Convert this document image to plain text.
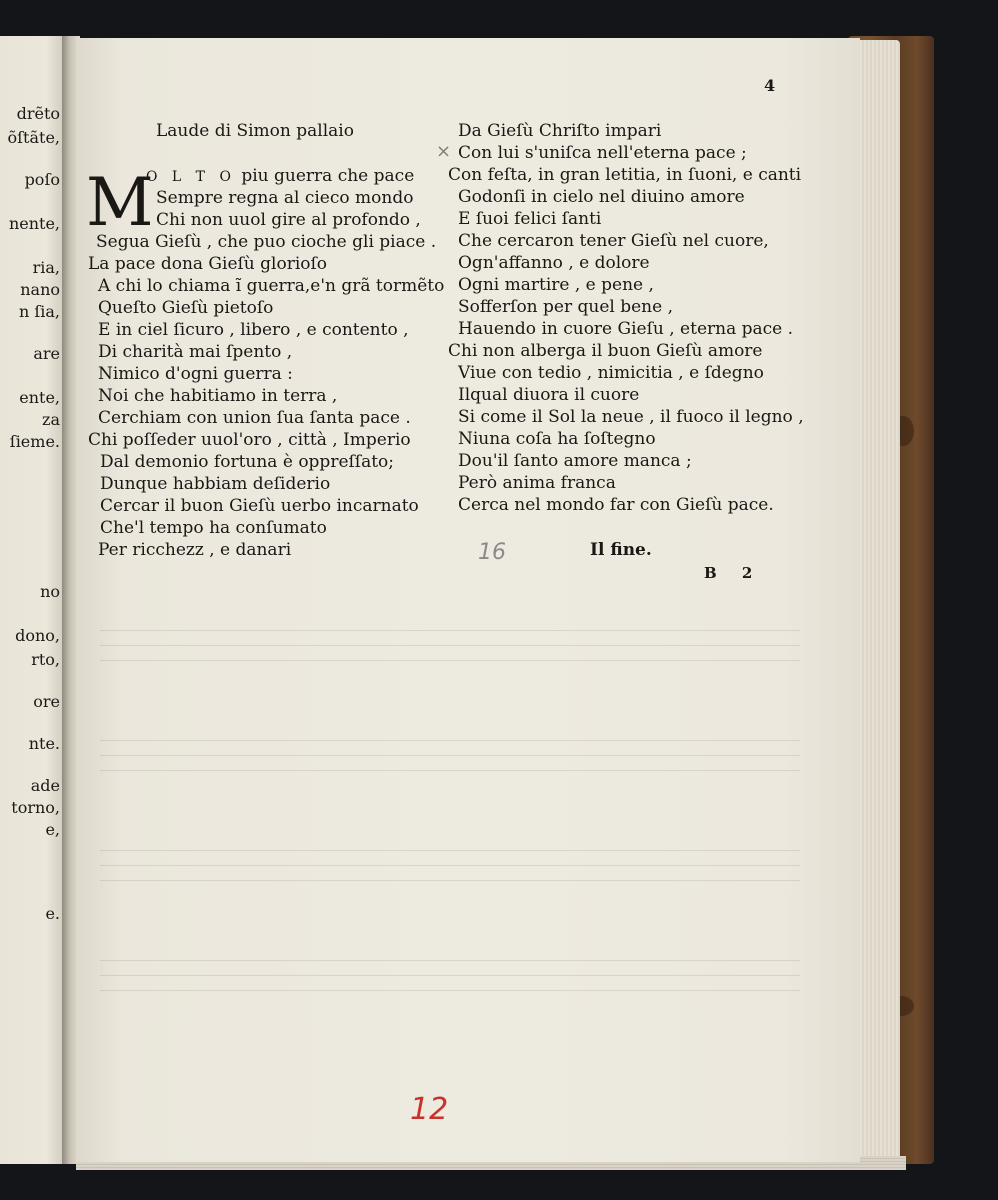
drẽto
õſtãte,
poſo
nente,
ria,
nano
n ſia,
are
ente,
za
ſieme.
no
dono,
rto,
ore
nte.
ade
torno,
e,
e.
4
Laude di Simon pallaio
M
O L T O piu guerra che pace
Sempre regna al cieco mondo
Chi non uuol gire al profondo ,
Segua Gieſù , che puo cioche gli piace .
La pace dona Gieſù glorioſo
A chi lo chiama ĩ guerra,e'n grã tormẽto
Queſto Gieſù pietoſo
E in ciel ſicuro , libero , e contento ,
Di charità mai ſpento ,
Nimico d'ogni guerra :
Noi che habitiamo in terra ,
Cerchiam con union ſua ſanta pace .
Chi poſſeder uuol'oro , città , Imperio
Dal demonio fortuna è oppreſſato;
Dunque habbiam deſiderio
Cercar il buon Gieſù uerbo incarnato
Che'l tempo ha conſumato
Per ricchezz , e danari
×
Da Gieſù Chriſto impari
Con lui s'uniſca nell'eterna pace ;
Con feſta, in gran letitia, in ſuoni, e canti
Godonſi in cielo nel diuino amore
E ſuoi felici ſanti
Che cercaron tener Gieſù nel cuore,
Ogn'affanno , e dolore
Ogni martire , e pene ,
Sofferſon per quel bene ,
Hauendo in cuore Gieſu , eterna pace .
Chi non alberga il buon Gieſù amore
Viue con tedio , nimicitia , e ſdegno
Ilqual diuora il cuore
Si come il Sol la neue , il fuoco il legno ,
Niuna coſa ha ſoſtegno
Dou'il ſanto amore manca ;
Però anima franca
Cerca nel mondo far con Gieſù pace.
16	Il fine.
B 2
12
